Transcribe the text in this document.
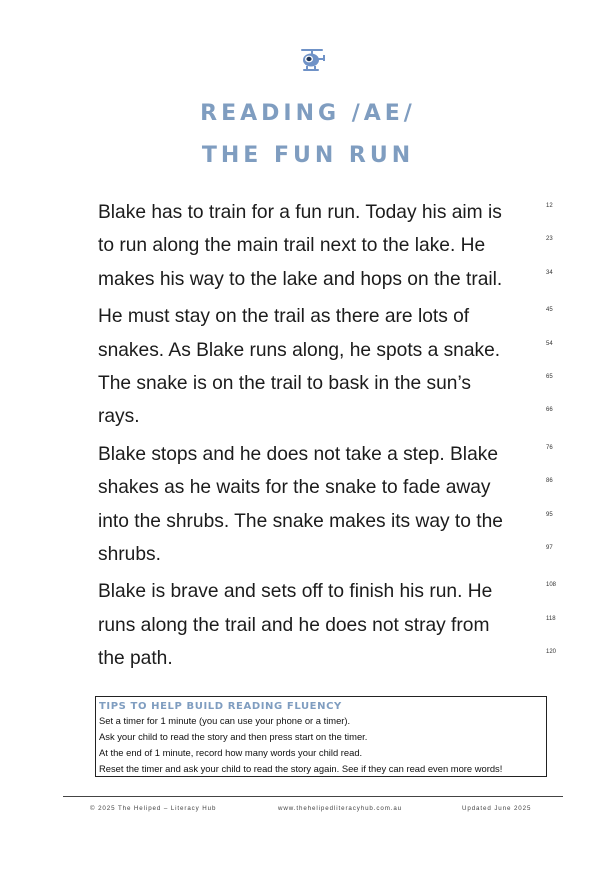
READING /AE/
THE FUN RUN
Blake has to train for a fun run. Today his aim is	12
to run along the main trail next to the lake. He	23
makes his way to the lake and hops on the trail.	34
He must stay on the trail as there are lots of	45
snakes. As Blake runs along, he spots a snake.	54
The snake is on the trail to bask in the sun’s	65
rays.	66
Blake stops and he does not take a step. Blake	76
shakes as he waits for the snake to fade away	86
into the shrubs. The snake makes its way to the	95
shrubs.	97
Blake is brave and sets off to finish his run. He	108
runs along the trail and he does not stray from	118
the path.	120
TIPS TO HELP BUILD READING FLUENCY
Set a timer for 1 minute (you can use your phone or a timer).
Ask your child to read the story and then press start on the timer.
At the end of 1 minute, record how many words your child read.
Reset the timer and ask your child to read the story again. See if they can read even more words!
© 2025 The Heliped – Literacy Hub	www.thehelipedliteracyhub.com.au	Updated June 2025
